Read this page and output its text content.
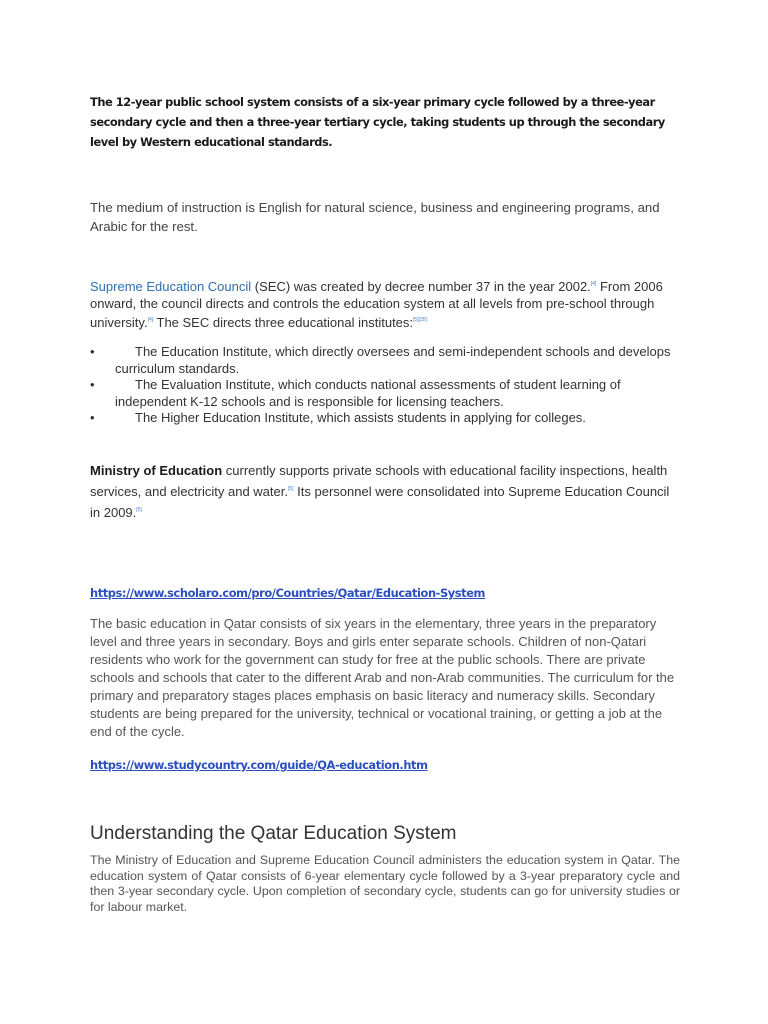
The 12-year public school system consists of a six-year primary cycle followed by a three-year secondary cycle and then a three-year tertiary cycle, taking students up through the secondary level by Western educational standards.

The medium of instruction is English for natural science, business and engineering programs, and Arabic for the rest.

Supreme Education Council (SEC) was created by decree number 37 in the year 2002.[4] From 2006 onward, the council directs and controls the education system at all levels from pre-school through university.[4] The SEC directs three educational institutes:[5][35]

•	The Education Institute, which directly oversees and semi-independent schools and develops curriculum standards.
•	The Evaluation Institute, which conducts national assessments of student learning of independent K-12 schools and is responsible for licensing teachers.
•	The Higher Education Institute, which assists students in applying for colleges.

Ministry of Education currently supports private schools with educational facility inspections, health services, and electricity and water.[5] Its personnel were consolidated into Supreme Education Council in 2009.[5]

https://www.scholaro.com/pro/Countries/Qatar/Education-System

The basic education in Qatar consists of six years in the elementary, three years in the preparatory level and three years in secondary. Boys and girls enter separate schools. Children of non-Qatari residents who work for the government can study for free at the public schools. There are private schools and schools that cater to the different Arab and non-Arab communities. The curriculum for the primary and preparatory stages places emphasis on basic literacy and numeracy skills. Secondary students are being prepared for the university, technical or vocational training, or getting a job at the end of the cycle.

https://www.studycountry.com/guide/QA-education.htm
Understanding the Qatar Education System

The Ministry of Education and Supreme Education Council administers the education system in Qatar. The education system of Qatar consists of 6-year elementary cycle followed by a 3-year preparatory cycle and then 3-year secondary cycle. Upon completion of secondary cycle, students can go for university studies or for labour market.
